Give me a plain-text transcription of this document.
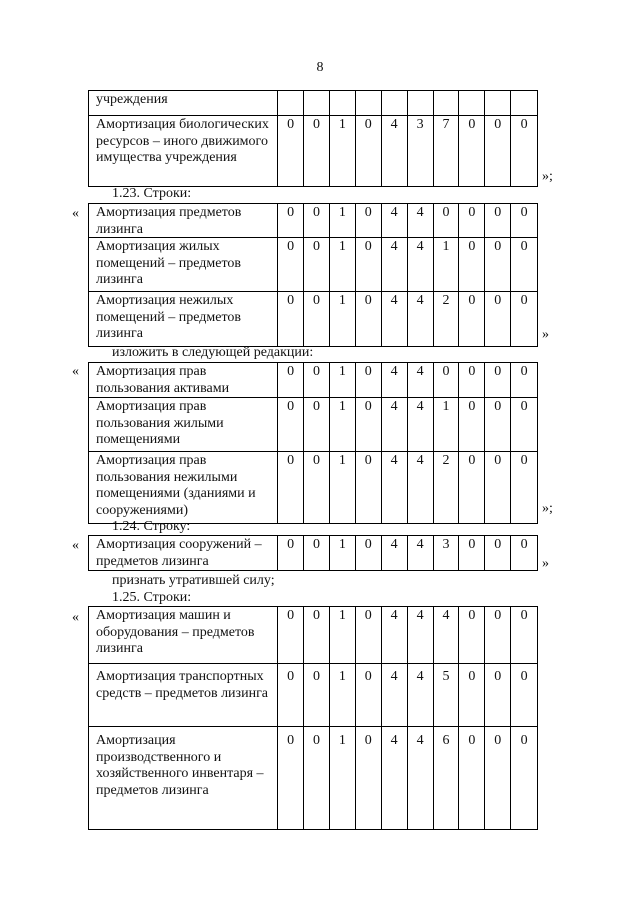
8
учреждения
Амортизация биологических ресурсов – иного движимого имущества учреждения
0	0	1	0	4	3	7	0	0	0
»;
1.23. Строки:
«	Амортизация предметов лизинга
0	0	1	0	4	4	0	0	0	0
Амортизация жилых помещений – предметов лизинга
0	0	1	0	4	4	1	0	0	0
Амортизация нежилых помещений – предметов лизинга
0	0	1	0	4	4	2	0	0	0
»
изложить в следующей редакции:
«	Амортизация прав пользования активами
0	0	1	0	4	4	0	0	0	0
Амортизация прав пользования жилыми помещениями
0	0	1	0	4	4	1	0	0	0
Амортизация прав пользования нежилыми помещениями (зданиями и сооружениями)
0	0	1	0	4	4	2	0	0	0
»;
1.24. Строку:
«	Амортизация сооружений – предметов лизинга
0	0	1	0	4	4	3	0	0	0
»
признать утратившей силу;
1.25. Строки:
«	Амортизация машин и оборудования – предметов лизинга
0	0	1	0	4	4	4	0	0	0
Амортизация транспортных средств – предметов лизинга
0	0	1	0	4	4	5	0	0	0
Амортизация производственного и хозяйственного инвентаря – предметов лизинга
0	0	1	0	4	4	6	0	0	0
